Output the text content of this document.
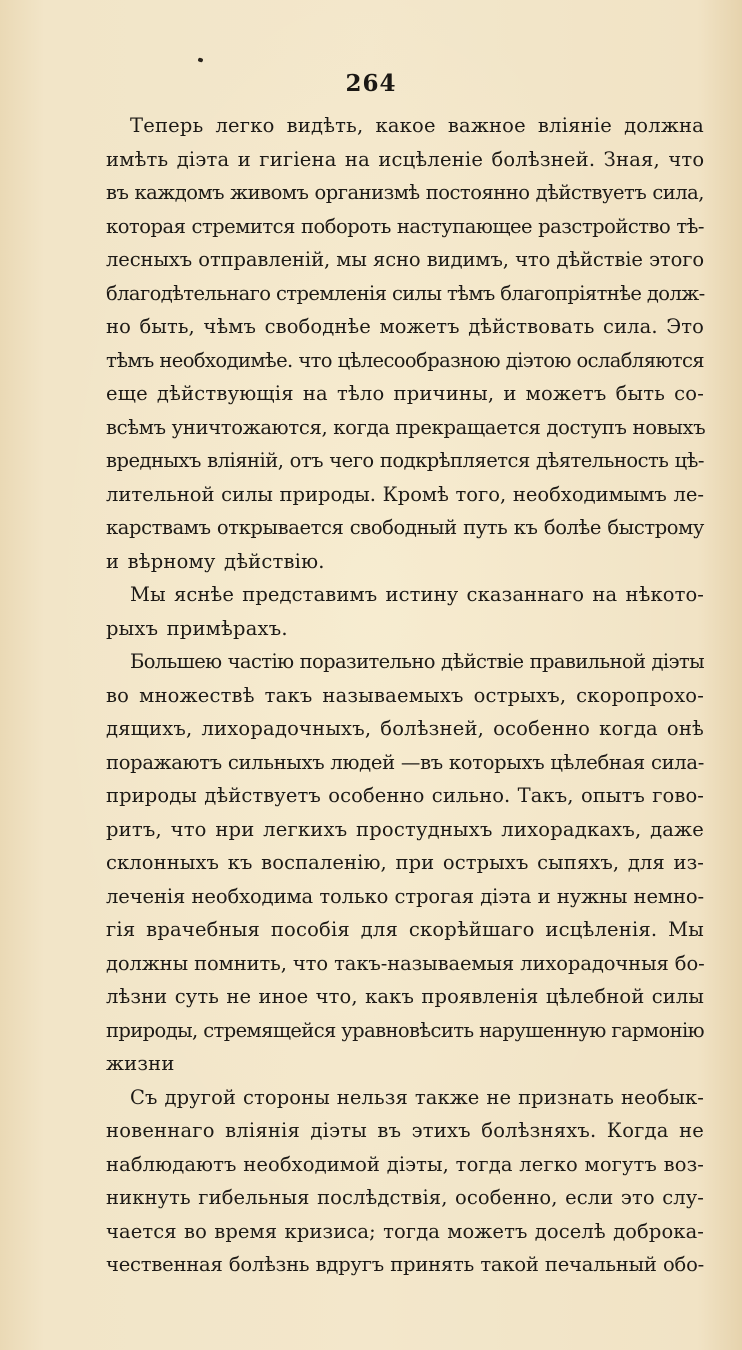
264
Теперь легко видѣть, какое важное вліяніе должна
имѣть діэта и гигіена на исцѣленіе болѣзней. Зная, что
въ каждомъ живомъ организмѣ постоянно дѣйствуетъ сила,
которая стремится побороть наступающее разстройство тѣ-
лесныхъ отправленій, мы ясно видимъ, что дѣйствіе этого
благодѣтельнаго стремленія силы тѣмъ благопріятнѣе долж-
но быть, чѣмъ свободнѣе можетъ дѣйствовать сила. Это
тѣмъ необходимѣе. что цѣлесообразною діэтою ослабляются
еще дѣйствующія на тѣло причины, и можетъ быть со-
всѣмъ уничтожаются, когда прекращается доступъ новыхъ
вредныхъ вліяній, отъ чего подкрѣпляется дѣятельность цѣ-
лительной силы природы. Кромѣ того, необходимымъ ле-
карствамъ открывается свободный путь къ болѣе быстрому
и вѣрному дѣйствію.
Мы яснѣе представимъ истину сказаннаго на нѣкото-
рыхъ примѣрахъ.
Большею частію поразительно дѣйствіе правильной діэты
во множествѣ такъ называемыхъ острыхъ, скоропрохо-
дящихъ, лихорадочныхъ, болѣзней, особенно когда онѣ
поражаютъ сильныхъ людей —въ которыхъ цѣлебная сила-
природы дѣйствуетъ особенно сильно. Такъ, опытъ гово-
ритъ, что нри легкихъ простудныхъ лихорадкахъ, даже
склонныхъ къ воспаленію, при острыхъ сыпяхъ, для из-
леченія необходима только строгая діэта и нужны немно-
гія врачебныя пособія для скорѣйшаго исцѣленія. Мы
должны помнить, что такъ-называемыя лихорадочныя бо-
лѣзни суть не иное что, какъ проявленія цѣлебной силы
природы, стремящейся уравновѣсить нарушенную гармонію
жизни
Съ другой стороны нельзя также не признать необык-
новеннаго вліянія діэты въ этихъ болѣзняхъ. Когда не
наблюдаютъ необходимой діэты, тогда легко могутъ воз-
никнуть гибельныя послѣдствія, особенно, если это слу-
чается во время кризиса; тогда можетъ доселѣ доброка-
чественная болѣзнь вдругъ принять такой печальный обо-
